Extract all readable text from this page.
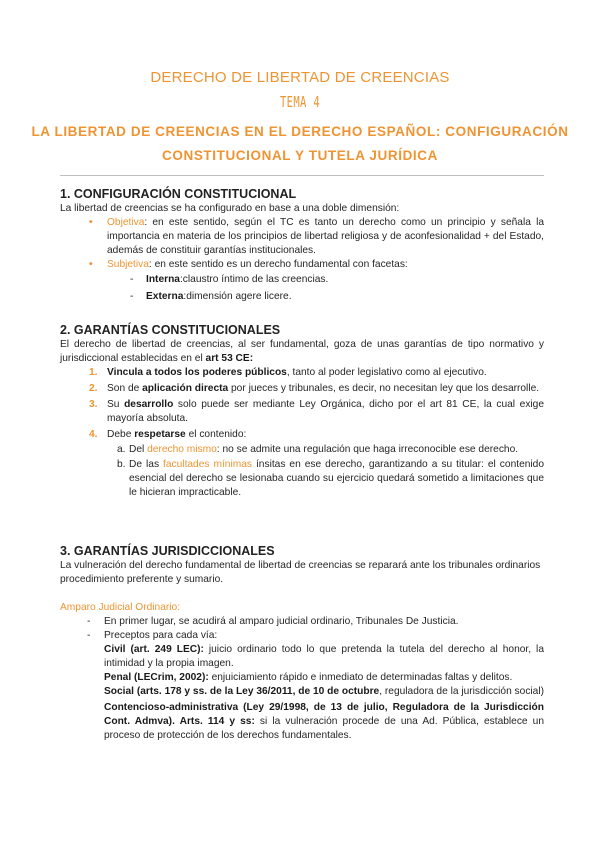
DERECHO DE LIBERTAD DE CREENCIAS
TEMA 4
LA LIBERTAD DE CREENCIAS EN EL DERECHO ESPAÑOL: CONFIGURACIÓN
CONSTITUCIONAL Y TUTELA JURÍDICA
1. CONFIGURACIÓN CONSTITUCIONAL

La libertad de creencias se ha configurado en base a una doble dimensión:

• Objetiva: en este sentido, según el TC es tanto un derecho como un principio y señala la importancia en materia de los principios de libertad religiosa y de aconfesionalidad + del Estado, además de constituir garantías institucionales.
• Subjetiva: en este sentido es un derecho fundamental con facetas:
- Interna:claustro íntimo de las creencias.
- Externa:dimensión agere licere.
2. GARANTÍAS CONSTITUCIONALES

El derecho de libertad de creencias, al ser fundamental, goza de unas garantías de tipo normativo y jurisdiccional establecidas en el art 53 CE:

1. Vincula a todos los poderes públicos, tanto al poder legislativo como al ejecutivo.
2. Son de aplicación directa por jueces y tribunales, es decir, no necesitan ley que los desarrolle.
3. Su desarrollo solo puede ser mediante Ley Orgánica, dicho por el art 81 CE, la cual exige mayoría absoluta.
4. Debe respetarse el contenido:
a. Del derecho mismo: no se admite una regulación que haga irreconocible ese derecho.
b. De las facultades mínimas ínsitas en ese derecho, garantizando a su titular: el contenido esencial del derecho se lesionaba cuando su ejercicio quedará sometido a limitaciones que le hicieran impracticable.
3. GARANTÍAS JURISDICCIONALES

La vulneración del derecho fundamental de libertad de creencias se reparará ante los tribunales ordinarios procedimiento preferente y sumario.

Amparo Judicial Ordinario:

- En primer lugar, se acudirá al amparo judicial ordinario, Tribunales De Justicia.
- Preceptos para cada vía:
Civil (art. 249 LEC): juicio ordinario todo lo que pretenda la tutela del derecho al honor, la intimidad y la propia imagen.
Penal (LECrim, 2002): enjuiciamiento rápido e inmediato de determinadas faltas y delitos.
Social (arts. 178 y ss. de la Ley 36/2011, de 10 de octubre, reguladora de la jurisdicción social)
Contencioso-administrativa (Ley 29/1998, de 13 de julio, Reguladora de la Jurisdicción Cont. Admva). Arts. 114 y ss: si la vulneración procede de una Ad. Pública, establece un proceso de protección de los derechos fundamentales.
